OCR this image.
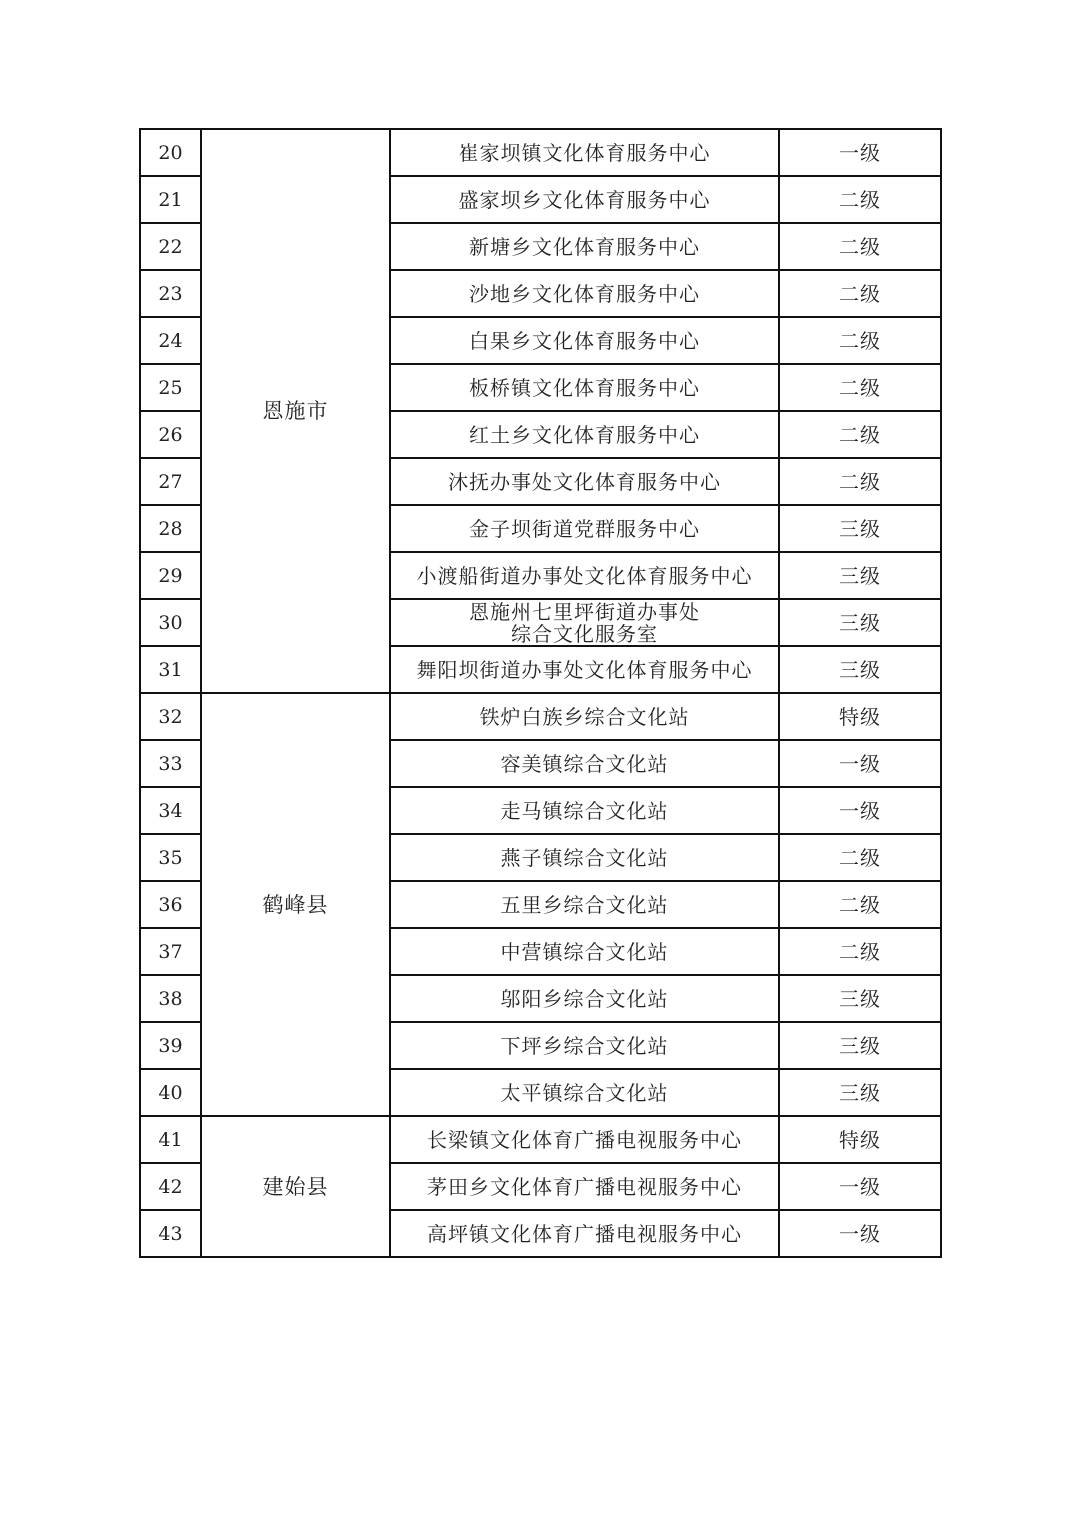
20	恩施市	崔家坝镇文化体育服务中心	一级
21		盛家坝乡文化体育服务中心	二级
22		新塘乡文化体育服务中心	二级
23		沙地乡文化体育服务中心	二级
24		白果乡文化体育服务中心	二级
25		板桥镇文化体育服务中心	二级
26		红土乡文化体育服务中心	二级
27		沐抚办事处文化体育服务中心	二级
28		金子坝街道党群服务中心	三级
29		小渡船街道办事处文化体育服务中心	三级
30		恩施州七里坪街道办事处
综合文化服务室	三级
31		舞阳坝街道办事处文化体育服务中心	三级
32	鹤峰县	铁炉白族乡综合文化站	特级
33		容美镇综合文化站	一级
34		走马镇综合文化站	一级
35		燕子镇综合文化站	二级
36		五里乡综合文化站	二级
37		中营镇综合文化站	二级
38		邬阳乡综合文化站	三级
39		下坪乡综合文化站	三级
40		太平镇综合文化站	三级
41	建始县	长梁镇文化体育广播电视服务中心	特级
42		茅田乡文化体育广播电视服务中心	一级
43		高坪镇文化体育广播电视服务中心	一级
